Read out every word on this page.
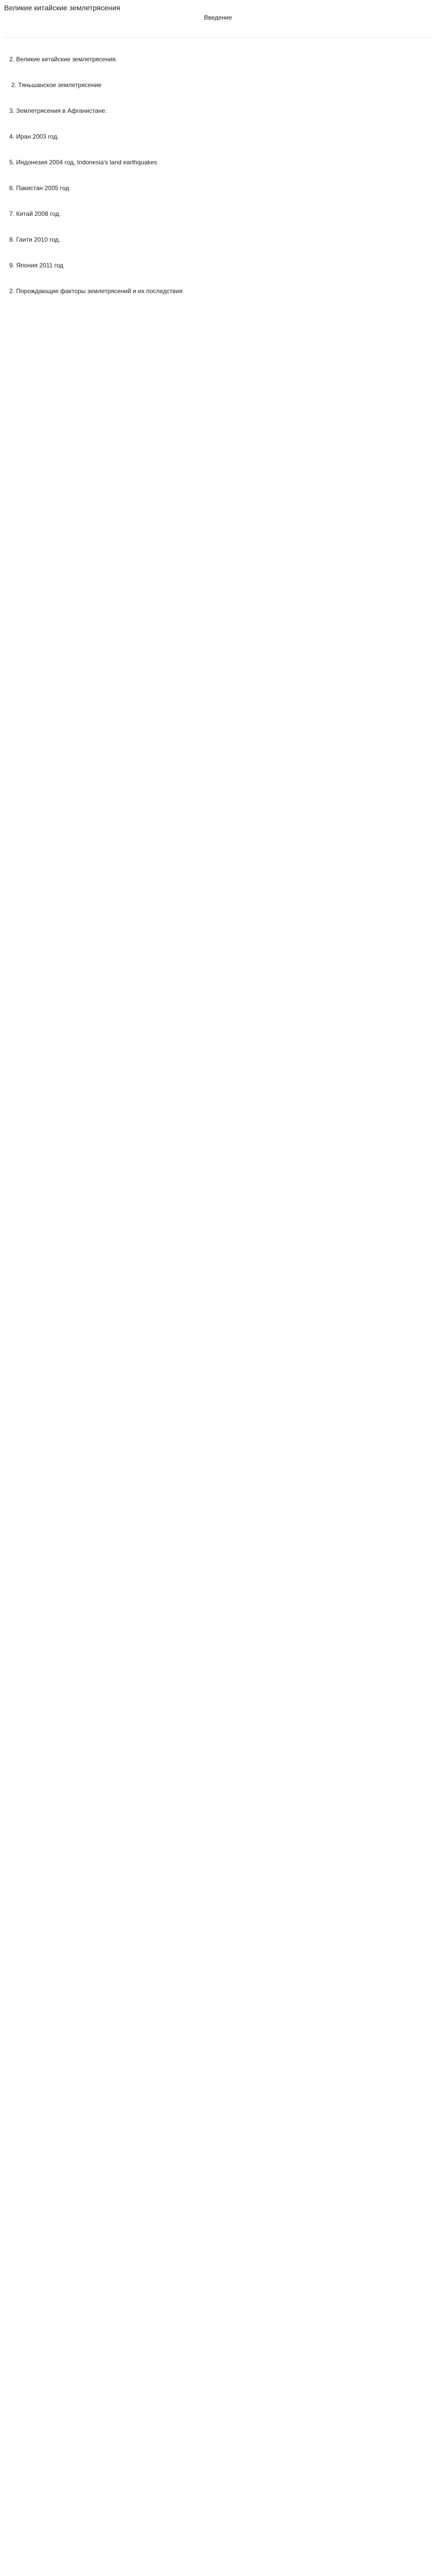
Великие китайские землетрясения
Введение
2. Великие китайские землетрясения.
2. Тяньшанское землетрясение
3. Землетрясения в Афганистане.
4. Иран 2003 год.
5. Индонезия 2004 год, Indonesia's land earthquakes
6. Пакистан 2005 год
7. Китай 2008 год.
8. Гаити 2010 год.
9. Япония 2011 год
2. Порождающие факторы землетрясений и их последствия
